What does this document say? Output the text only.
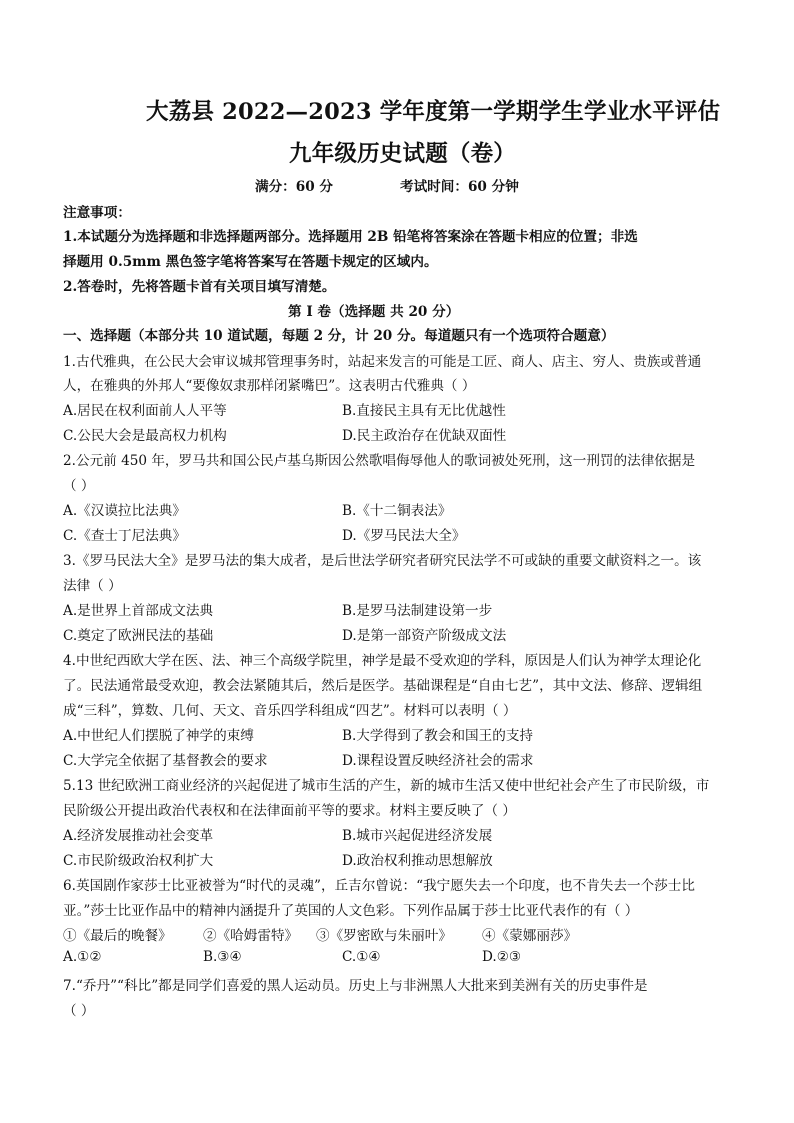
大荔县 2022—2023 学年度第一学期学生学业水平评估
九年级历史试题（卷）
满分：60 分	考试时间：60 分钟
注意事项：
1.本试题分为选择题和非选择题两部分。选择题用 2B 铅笔将答案涂在答题卡相应的位置；非选
择题用 0.5mm 黑色签字笔将答案写在答题卡规定的区域内。
2.答卷时，先将答题卡首有关项目填写清楚。
第 I 卷（选择题 共 20 分）
一、选择题（本部分共 10 道试题，每题 2 分，计 20 分。每道题只有一个选项符合题意）
1.古代雅典，在公民大会审议城邦管理事务时，站起来发言的可能是工匠、商人、店主、穷人、贵族或普通
人，在雅典的外邦人“要像奴隶那样闭紧嘴巴”。这表明古代雅典（ ）
A.居民在权利面前人人平等	B.直接民主具有无比优越性
C.公民大会是最高权力机构	D.民主政治存在优缺双面性
2.公元前 450 年，罗马共和国公民卢基乌斯因公然歌唱侮辱他人的歌词被处死刑，这一刑罚的法律依据是
（ ）
A.《汉谟拉比法典》	B.《十二铜表法》
C.《查士丁尼法典》	D.《罗马民法大全》
3.《罗马民法大全》是罗马法的集大成者，是后世法学研究者研究民法学不可或缺的重要文献资料之一。该
法律（ ）
A.是世界上首部成文法典	B.是罗马法制建设第一步
C.奠定了欧洲民法的基础	D.是第一部资产阶级成文法
4.中世纪西欧大学在医、法、神三个高级学院里，神学是最不受欢迎的学科，原因是人们认为神学太理论化
了。民法通常最受欢迎，教会法紧随其后，然后是医学。基础课程是“自由七艺”，其中文法、修辞、逻辑组
成“三科”，算数、几何、天文、音乐四学科组成“四艺”。材料可以表明（ ）
A.中世纪人们摆脱了神学的束缚	B.大学得到了教会和国王的支持
C.大学完全依据了基督教会的要求	D.课程设置反映经济社会的需求
5.13 世纪欧洲工商业经济的兴起促进了城市生活的产生，新的城市生活又使中世纪社会产生了市民阶级，市
民阶级公开提出政治代表权和在法律面前平等的要求。材料主要反映了（ ）
A.经济发展推动社会变革	B.城市兴起促进经济发展
C.市民阶级政治权利扩大	D.政治权利推动思想解放
6.英国剧作家莎士比亚被誉为“时代的灵魂”，丘吉尔曾说：“我宁愿失去一个印度，也不肯失去一个莎士比
亚。”莎士比亚作品中的精神内涵提升了英国的人文色彩。下列作品属于莎士比亚代表作的有（ ）
①《最后的晚餐》 ②《哈姆雷特》 ③《罗密欧与朱丽叶》 ④《蒙娜丽莎》
A.①②	B.③④	C.①④	D.②③
7.“乔丹”“科比”都是同学们喜爱的黑人运动员。历史上与非洲黑人大批来到美洲有关的历史事件是
（ ）
